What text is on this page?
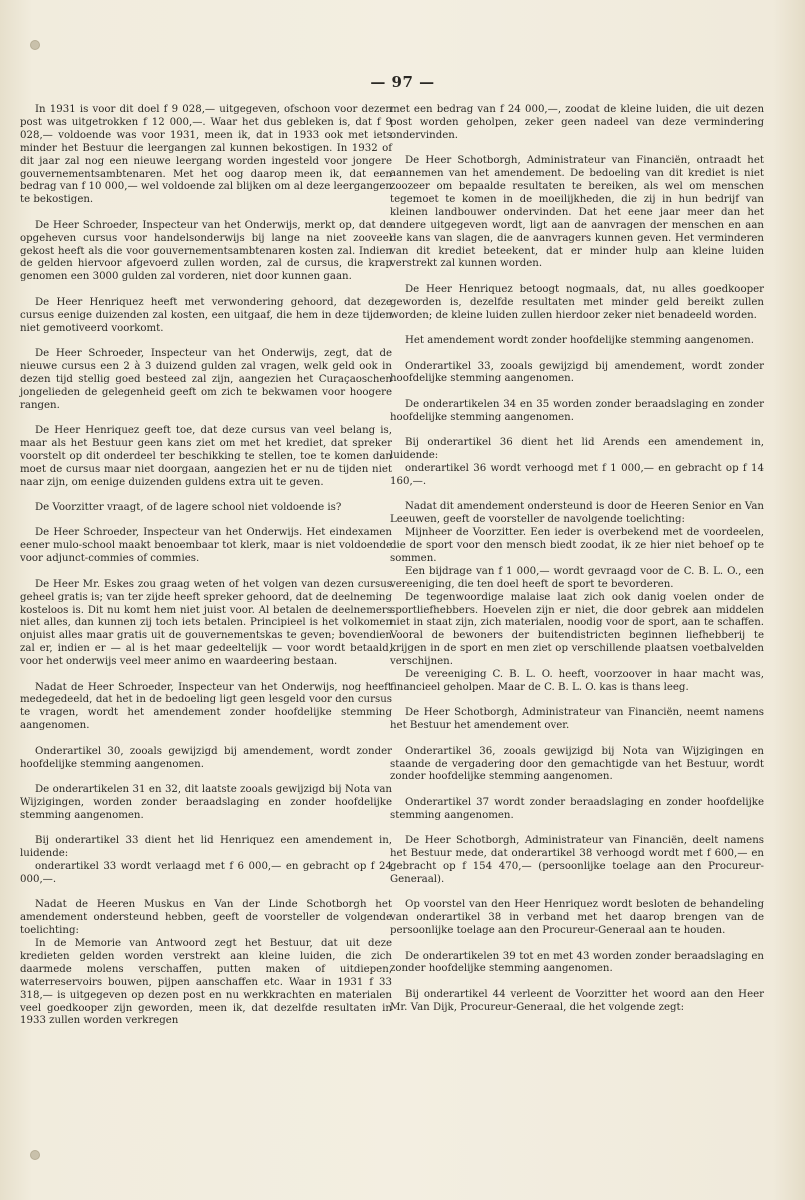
— 97 —

In 1931 is voor dit doel f 9 028,— uitgegeven, ofschoon voor dezen post was uitgetrokken f 12 000,—. Waar het dus gebleken is, dat f 9 028,— voldoende was voor 1931, meen ik, dat in 1933 ook met iets minder het Bestuur die leergangen zal kunnen bekostigen. In 1932 of dit jaar zal nog een nieuwe leergang worden ingesteld voor jongere gouvernementsambtenaren. Met het oog daarop meen ik, dat een bedrag van f 10 000,— wel voldoende zal blijken om al deze leergangen te bekostigen.

De Heer Schroeder, Inspecteur van het Onderwijs, merkt op, dat de opgeheven cursus voor handelsonderwijs bij lange na niet zooveel gekost heeft als die voor gouvernementsambtenaren kosten zal. Indien de gelden hiervoor afgevoerd zullen worden, zal de cursus, die krap genomen een 3000 gulden zal vorderen, niet door kunnen gaan.

De Heer Henriquez heeft met verwondering gehoord, dat deze cursus eenige duizenden zal kosten, een uitgaaf, die hem in deze tijden niet gemotiveerd voorkomt.

De Heer Schroeder, Inspecteur van het Onderwijs, zegt, dat de nieuwe cursus een 2 à 3 duizend gulden zal vragen, welk geld ook in dezen tijd stellig goed besteed zal zijn, aangezien het Curaçaoschen jongelieden de gelegenheid geeft om zich te bekwamen voor hoogere rangen.

De Heer Henriquez geeft toe, dat deze cursus van veel belang is, maar als het Bestuur geen kans ziet om met het krediet, dat spreker voorstelt op dit onderdeel ter beschikking te stellen, toe te komen dan moet de cursus maar niet doorgaan, aangezien het er nu de tijden niet naar zijn, om eenige duizenden guldens extra uit te geven.

De Voorzitter vraagt, of de lagere school niet voldoende is?

De Heer Schroeder, Inspecteur van het Onderwijs. Het eindexamen eener mulo-school maakt benoembaar tot klerk, maar is niet voldoende voor adjunct-commies of commies.

De Heer Mr. Eskes zou graag weten of het volgen van dezen cursus geheel gratis is; van ter zijde heeft spreker gehoord, dat de deelneming kosteloos is. Dit nu komt hem niet juist voor. Al betalen de deelnemers niet alles, dan kunnen zij toch iets betalen. Principieel is het volkomen onjuist alles maar gratis uit de gouvernementskas te geven; bovendien zal er, indien er — al is het maar gedeeltelijk — voor wordt betaald, voor het onderwijs veel meer animo en waardeering bestaan.

Nadat de Heer Schroeder, Inspecteur van het Onderwijs, nog heeft medegedeeld, dat het in de bedoeling ligt geen lesgeld voor den cursus te vragen, wordt het amendement zonder hoofdelijke stemming aangenomen.

Onderartikel 30, zooals gewijzigd bij amendement, wordt zonder hoofdelijke stemming aangenomen.

De onderartikelen 31 en 32, dit laatste zooals gewijzigd bij Nota van Wijzigingen, worden zonder beraadslaging en zonder hoofdelijke stemming aangenomen.

Bij onderartikel 33 dient het lid Henriquez een amendement in, luidende:

onderartikel 33 wordt verlaagd met f 6 000,— en gebracht op f 24 000,—.

Nadat de Heeren Muskus en Van der Linde Schotborgh het amendement ondersteund hebben, geeft de voorsteller de volgende toelichting:

In de Memorie van Antwoord zegt het Bestuur, dat uit deze kredieten gelden worden verstrekt aan kleine luiden, die zich daarmede molens verschaffen, putten maken of uitdiepen, waterreservoirs bouwen, pijpen aanschaffen etc. Waar in 1931 f 33 318,— is uitgegeven op dezen post en nu werkkrachten en materialen veel goedkooper zijn geworden, meen ik, dat dezelfde resultaten in 1933 zullen worden verkregen

met een bedrag van f 24 000,—, zoodat de kleine luiden, die uit dezen post worden geholpen, zeker geen nadeel van deze vermindering ondervinden.

De Heer Schotborgh, Administrateur van Financiën, ontraadt het aannemen van het amendement. De bedoeling van dit krediet is niet zoozeer om bepaalde resultaten te bereiken, als wel om menschen tegemoet te komen in de moeilijkheden, die zij in hun bedrijf van kleinen landbouwer ondervinden. Dat het eene jaar meer dan het andere uitgegeven wordt, ligt aan de aanvragen der menschen en aan de kans van slagen, die de aanvragers kunnen geven. Het verminderen van dit krediet beteekent, dat er minder hulp aan kleine luiden verstrekt zal kunnen worden.

De Heer Henriquez betoogt nogmaals, dat, nu alles goedkooper geworden is, dezelfde resultaten met minder geld bereikt zullen worden; de kleine luiden zullen hierdoor zeker niet benadeeld worden.

Het amendement wordt zonder hoofdelijke stemming aangenomen.

Onderartikel 33, zooals gewijzigd bij amendement, wordt zonder hoofdelijke stemming aangenomen.

De onderartikelen 34 en 35 worden zonder beraadslaging en zonder hoofdelijke stemming aangenomen.

Bij onderartikel 36 dient het lid Arends een amendement in, luidende:

onderartikel 36 wordt verhoogd met f 1 000,— en gebracht op f 14 160,—.

Nadat dit amendement ondersteund is door de Heeren Senior en Van Leeuwen, geeft de voorsteller de navolgende toelichting:

Mijnheer de Voorzitter. Een ieder is overbekend met de voordeelen, die de sport voor den mensch biedt zoodat, ik ze hier niet behoef op te sommen.

Een bijdrage van f 1 000,— wordt gevraagd voor de C. B. L. O., een vereeniging, die ten doel heeft de sport te bevorderen.

De tegenwoordige malaise laat zich ook danig voelen onder de sportliefhebbers. Hoevelen zijn er niet, die door gebrek aan middelen niet in staat zijn, zich materialen, noodig voor de sport, aan te schaffen. Vooral de bewoners der buitendistricten beginnen liefhebberij te krijgen in de sport en men ziet op verschillende plaatsen voetbalvelden verschijnen.

De vereeniging C. B. L. O. heeft, voorzoover in haar macht was, financieel geholpen. Maar de C. B. L. O. kas is thans leeg.

De Heer Schotborgh, Administrateur van Financiën, neemt namens het Bestuur het amendement over.

Onderartikel 36, zooals gewijzigd bij Nota van Wijzigingen en staande de vergadering door den gemachtigde van het Bestuur, wordt zonder hoofdelijke stemming aangenomen.

Onderartikel 37 wordt zonder beraadslaging en zonder hoofdelijke stemming aangenomen.

De Heer Schotborgh, Administrateur van Financiën, deelt namens het Bestuur mede, dat onderartikel 38 verhoogd wordt met f 600,— en gebracht op f 154 470,— (persoonlijke toelage aan den Procureur-Generaal).

Op voorstel van den Heer Henriquez wordt besloten de behandeling van onderartikel 38 in verband met het daarop brengen van de persoonlijke toelage aan den Procureur-Generaal aan te houden.

De onderartikelen 39 tot en met 43 worden zonder beraadslaging en zonder hoofdelijke stemming aangenomen.

Bij onderartikel 44 verleent de Voorzitter het woord aan den Heer Mr. Van Dijk, Procureur-Generaal, die het volgende zegt:
